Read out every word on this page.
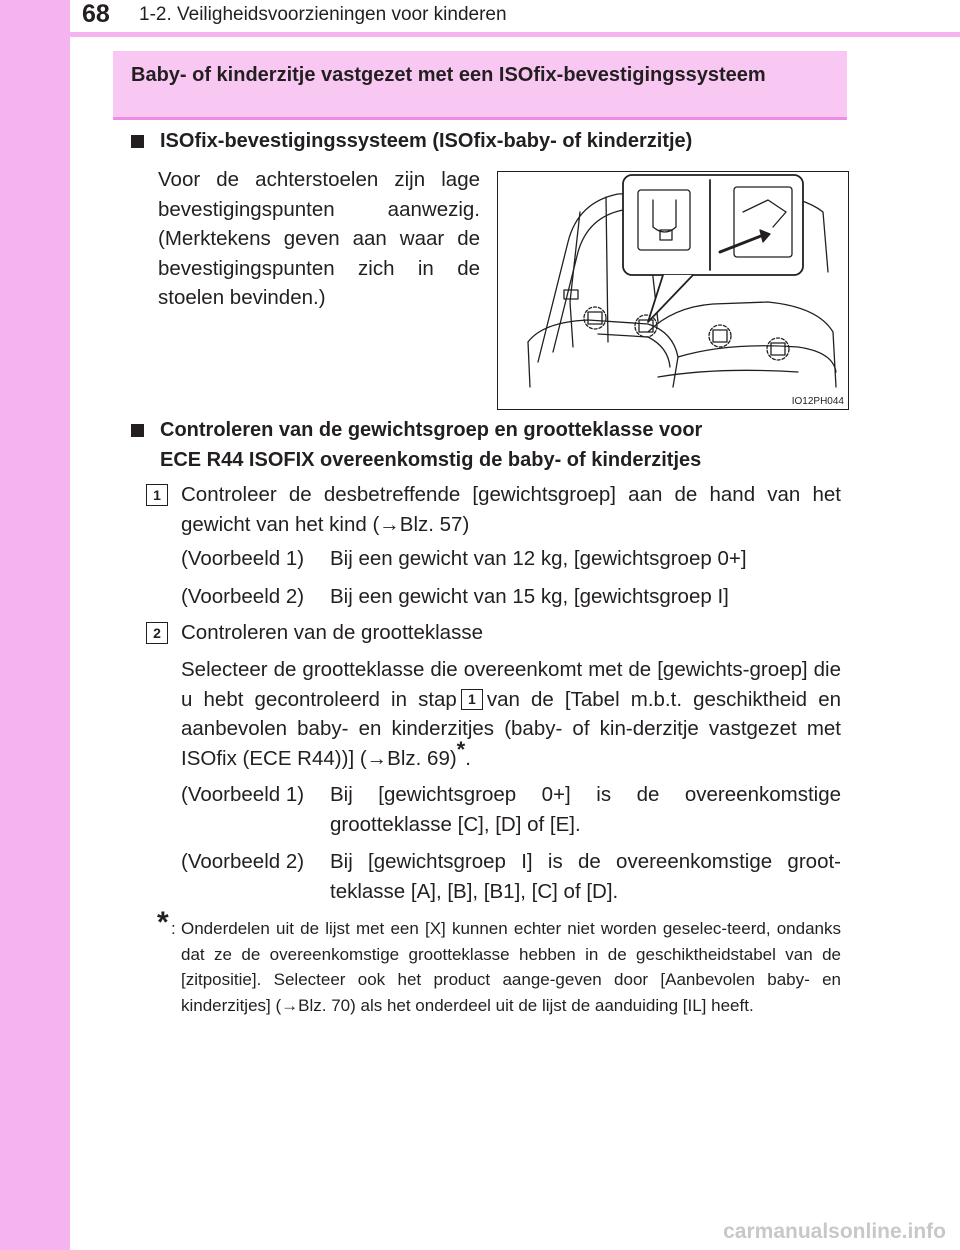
68 1-2. Veiligheidsvoorzieningen voor kinderen
Baby- of kinderzitje vastgezet met een ISOfix-bevestigingssysteem
ISOfix-bevestigingssysteem (ISOfix-baby- of kinderzitje)
Voor de achterstoelen zijn lage bevestigingspunten aanwezig. (Merktekens geven aan waar de bevestigingspunten zich in de stoelen bevinden.)
IO12PH044
Controleren van de gewichtsgroep en grootteklasse voor
ECE R44 ISOFIX overeenkomstig de baby- of kinderzitjes
1 Controleer de desbetreffende [gewichtsgroep] aan de hand van het gewicht van het kind (→Blz. 57)
(Voorbeeld 1) Bij een gewicht van 12 kg, [gewichtsgroep 0+]
(Voorbeeld 2) Bij een gewicht van 15 kg, [gewichtsgroep I]
2 Controleren van de grootteklasse
Selecteer de grootteklasse die overeenkomt met de [gewichts-groep] die u hebt gecontroleerd in stap 1 van de [Tabel m.b.t. geschiktheid en aanbevolen baby- en kinderzitjes (baby- of kin-derzitje vastgezet met ISOfix (ECE R44))] (→Blz. 69)*.
(Voorbeeld 1) Bij [gewichtsgroep 0+] is de overeenkomstige grootteklasse [C], [D] of [E].
(Voorbeeld 2) Bij [gewichtsgroep I] is de overeenkomstige groot-teklasse [A], [B], [B1], [C] of [D].
* : Onderdelen uit de lijst met een [X] kunnen echter niet worden geselec-teerd, ondanks dat ze de overeenkomstige grootteklasse hebben in de geschiktheidstabel van de [zitpositie]. Selecteer ook het product aange-geven door [Aanbevolen baby- en kinderzitjes] (→Blz. 70) als het onderdeel uit de lijst de aanduiding [IL] heeft.
carmanualsonline.info
